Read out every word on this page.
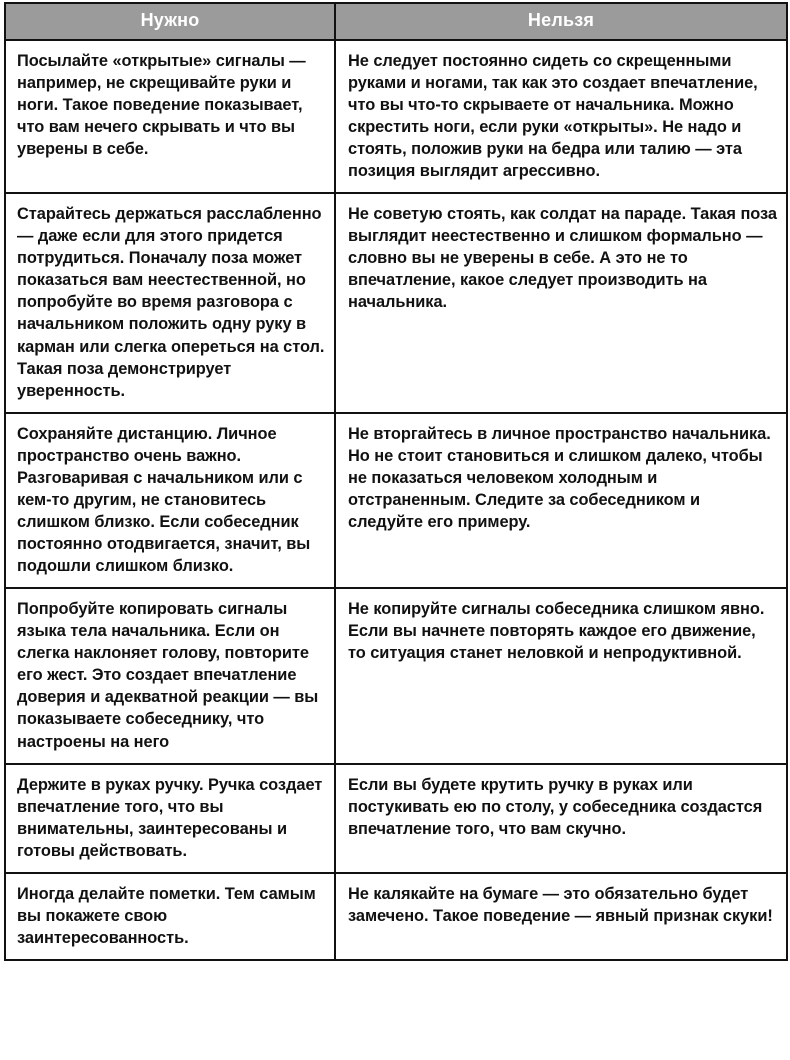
Нужно	Нельзя

Посылайте «открытые» сигналы — например, не скрещивайте руки и ноги. Такое поведение показывает, что вам нечего скрывать и что вы уверены в себе.	Не следует постоянно сидеть со скрещенными руками и ногами, так как это создает впечатление, что вы что-то скрываете от начальника. Можно скрестить ноги, если руки «открыты». Не надо и стоять, положив руки на бедра или талию — эта позиция выглядит агрессивно.

Старайтесь держаться расслабленно — даже если для этого придется потрудиться. Поначалу поза может показаться вам неестественной, но попробуйте во время разговора с начальником положить одну руку в карман или слегка опереться на стол. Такая поза демонстрирует уверенность.	Не советую стоять, как солдат на параде. Такая поза выглядит неестественно и слишком формально — словно вы не уверены в себе. А это не то впечатление, какое следует производить на начальника.

Сохраняйте дистанцию. Личное пространство очень важно. Разговаривая с начальником или с кем-то другим, не становитесь слишком близко. Если собеседник постоянно отодвигается, значит, вы подошли слишком близко.	Не вторгайтесь в личное пространство начальника. Но не стоит становиться и слишком далеко, чтобы не показаться человеком холодным и отстраненным. Следите за собеседником и следуйте его примеру.

Попробуйте копировать сигналы языка тела начальника. Если он слегка наклоняет голову, повторите его жест. Это создает впечатление доверия и адекватной реакции — вы показываете собеседнику, что настроены на него	Не копируйте сигналы собеседника слишком явно. Если вы начнете повторять каждое его движение, то ситуация станет неловкой и непродуктивной.

Держите в руках ручку. Ручка создает впечатление того, что вы внимательны, заинтересованы и готовы действовать.	Если вы будете крутить ручку в руках или постукивать ею по столу, у собеседника создастся впечатление того, что вам скучно.

Иногда делайте пометки. Тем самым вы покажете свою заинтересованность.	Не калякайте на бумаге — это обязательно будет замечено. Такое поведение — явный признак скуки!
